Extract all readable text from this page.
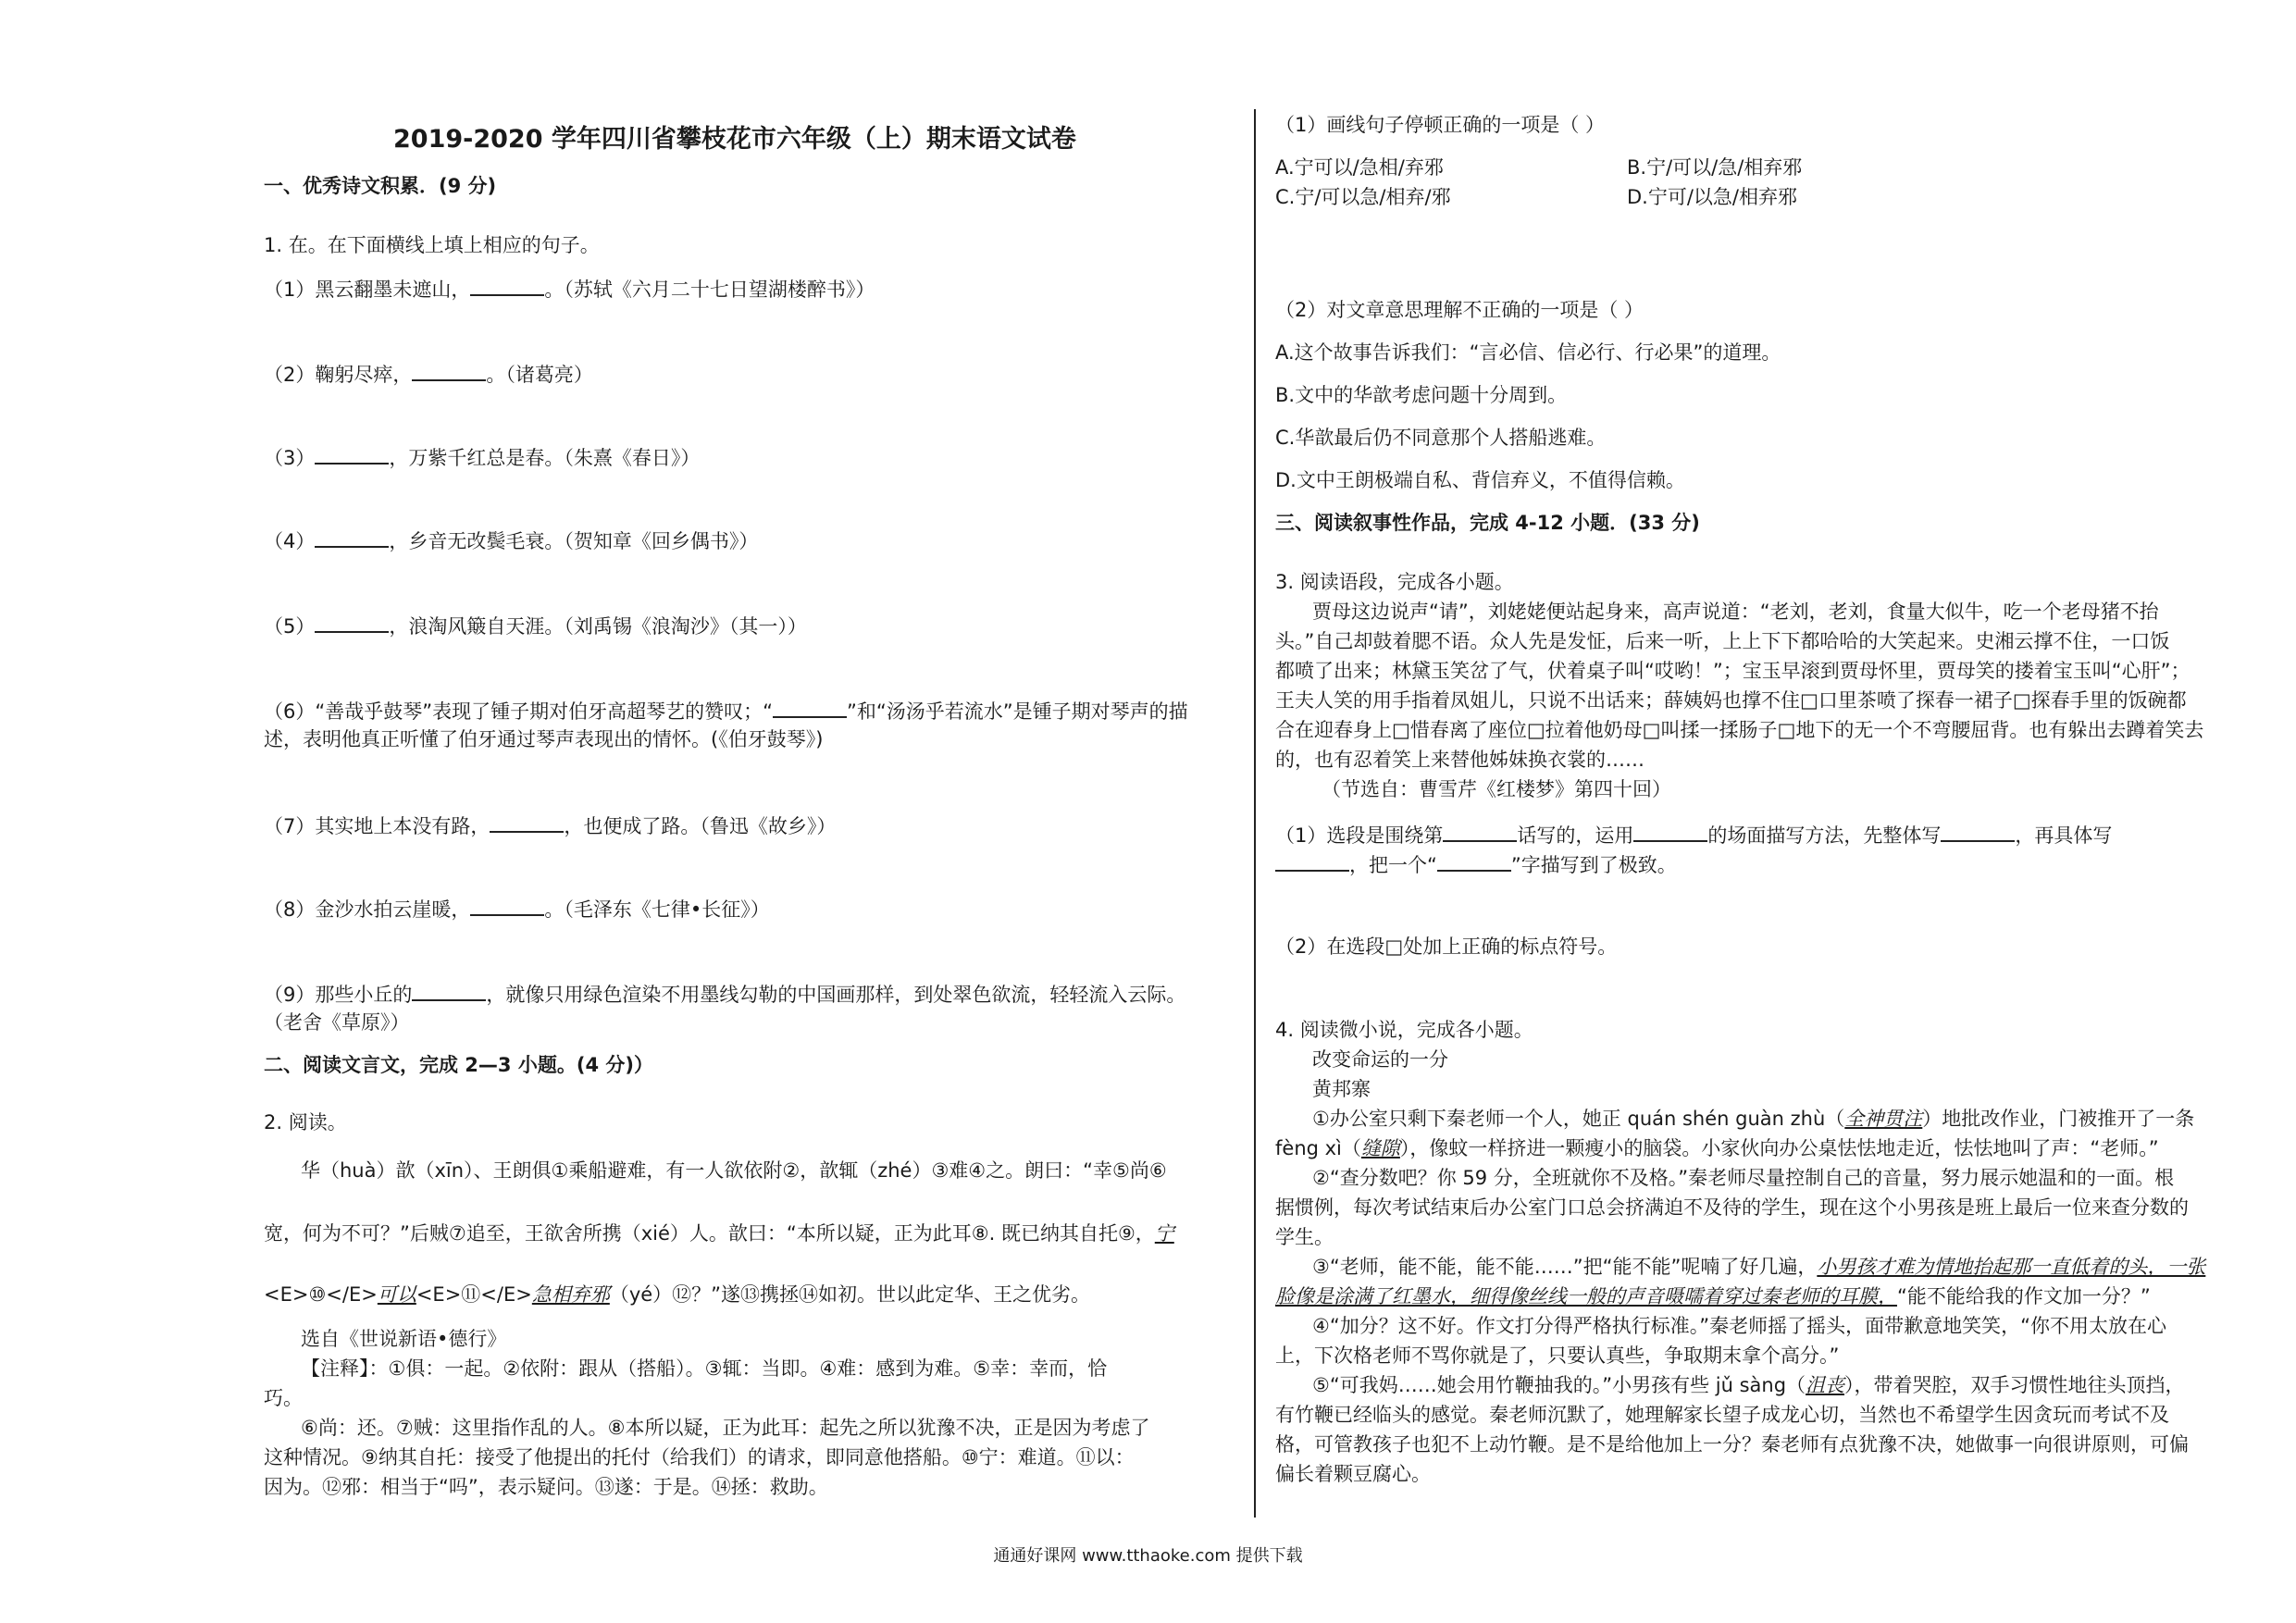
2019-2020 学年四川省攀枝花市六年级（上）期末语文试卷
一、优秀诗文积累．(9 分)
1. 在。在下面横线上填上相应的句子。
（1）黑云翻墨未遮山，	。（苏轼《六月二十七日望湖楼醉书》）
（2）鞠躬尽瘁，	。（诸葛亮）
（3）	，万紫千红总是春。（朱熹《春日》）
（4）	，乡音无改鬓毛衰。（贺知章《回乡偶书》）
（5）	，浪淘风簸自天涯。（刘禹锡《浪淘沙》（其一））
（6）“善哉乎鼓琴”表现了锺子期对伯牙高超琴艺的赞叹；“	”和“汤汤乎若流水”是锺子期对琴声的描
述，表明他真正听懂了伯牙通过琴声表现出的情怀。(《伯牙鼓琴》)
（7）其实地上本没有路，	，也便成了路。（鲁迅《故乡》）
（8）金沙水拍云崖暖，	。（毛泽东《七律•长征》）
（9）那些小丘的	，就像只用绿色渲染不用墨线勾勒的中国画那样，到处翠色欲流，轻轻流入云际。
（老舍《草原》）
二、阅读文言文，完成 2—3 小题。(4 分)）
2. 阅读。
华（huà）歆（xīn）、王朗俱①乘船避难，有一人欲依附②，歆辄（zhé）③难④之。朗曰：“幸⑤尚⑥
宽，何为不可？”后贼⑦追至，王欲舍所携（xié）人。歆曰：“本所以疑，正为此耳⑧. 既已纳其自托⑨，宁
<E>⑩</E>可以<E>⑪</E>急相弃邪（yé）⑫？”遂⑬携拯⑭如初。世以此定华、王之优劣。
选自《世说新语•德行》
【注释】：①俱：一起。②依附：跟从（搭船）。③辄：当即。④难：感到为难。⑤幸：幸而，恰
巧。
⑥尚：还。⑦贼：这里指作乱的人。⑧本所以疑，正为此耳：起先之所以犹豫不决，正是因为考虑了
这种情况。⑨纳其自托：接受了他提出的托付（给我们）的请求，即同意他搭船。⑩宁：难道。⑪以：
因为。⑫邪：相当于“吗”，表示疑问。⑬遂：于是。⑭拯：救助。
（1）画线句子停顿正确的一项是（ ）
A.宁可以/急相/弃邪	B.宁/可以/急/相弃邪
C.宁/可以急/相弃/邪	D.宁可/以急/相弃邪
（2）对文章意思理解不正确的一项是（ ）
A.这个故事告诉我们：“言必信、信必行、行必果”的道理。
B.文中的华歆考虑问题十分周到。
C.华歆最后仍不同意那个人搭船逃难。
D.文中王朗极端自私、背信弃义，不值得信赖。
三、阅读叙事性作品，完成 4-12 小题．(33 分)
3. 阅读语段，完成各小题。
贾母这边说声“请”，刘姥姥便站起身来，高声说道：“老刘，老刘，食量大似牛，吃一个老母猪不抬
头。”自己却鼓着腮不语。众人先是发怔，后来一听，上上下下都哈哈的大笑起来。史湘云撑不住，一口饭
都喷了出来；林黛玉笑岔了气，伏着桌子叫“哎哟！”；宝玉早滚到贾母怀里，贾母笑的搂着宝玉叫“心肝”；
王夫人笑的用手指着凤姐儿，只说不出话来；薛姨妈也撑不住□口里茶喷了探春一裙子□探春手里的饭碗都
合在迎春身上□惜春离了座位□拉着他奶母□叫揉一揉肠子□地下的无一个不弯腰屈背。也有躲出去蹲着笑去
的，也有忍着笑上来替他姊妹换衣裳的……
（节选自：曹雪芹《红楼梦》第四十回）
（1）选段是围绕第	话写的，运用	的场面描写方法，先整体写	，再具体写
，把一个“	”字描写到了极致。
（2）在选段□处加上正确的标点符号。
4. 阅读微小说，完成各小题。
改变命运的一分
黄邦寨
①办公室只剩下秦老师一个人，她正 quán shén guàn zhù（全神贯注）地批改作业，门被推开了一条
fèng xì（缝隙），像蚊一样挤进一颗瘦小的脑袋。小家伙向办公桌怯怯地走近，怯怯地叫了声：“老师。”
②“查分数吧？你 59 分，全班就你不及格。”秦老师尽量控制自己的音量，努力展示她温和的一面。根
据惯例，每次考试结束后办公室门口总会挤满迫不及待的学生，现在这个小男孩是班上最后一位来查分数的
学生。
③“老师，能不能，能不能……”把“能不能”呢喃了好几遍，小男孩才难为情地抬起那一直低着的头，一张
脸像是涂满了红墨水，细得像丝线一般的声音嗫嚅着穿过秦老师的耳膜，“能不能给我的作文加一分？”
④“加分？这不好。作文打分得严格执行标准。”秦老师摇了摇头，面带歉意地笑笑，“你不用太放在心
上，下次格老师不骂你就是了，只要认真些，争取期末拿个高分。”
⑤“可我妈……她会用竹鞭抽我的。”小男孩有些 jǔ sàng（沮丧），带着哭腔，双手习惯性地往头顶挡，
有竹鞭已经临头的感觉。秦老师沉默了，她理解家长望子成龙心切，当然也不希望学生因贪玩而考试不及
格，可管教孩子也犯不上动竹鞭。是不是给他加上一分？秦老师有点犹豫不决，她做事一向很讲原则，可偏
偏长着颗豆腐心。
通通好课网 www.tthaoke.com 提供下载
